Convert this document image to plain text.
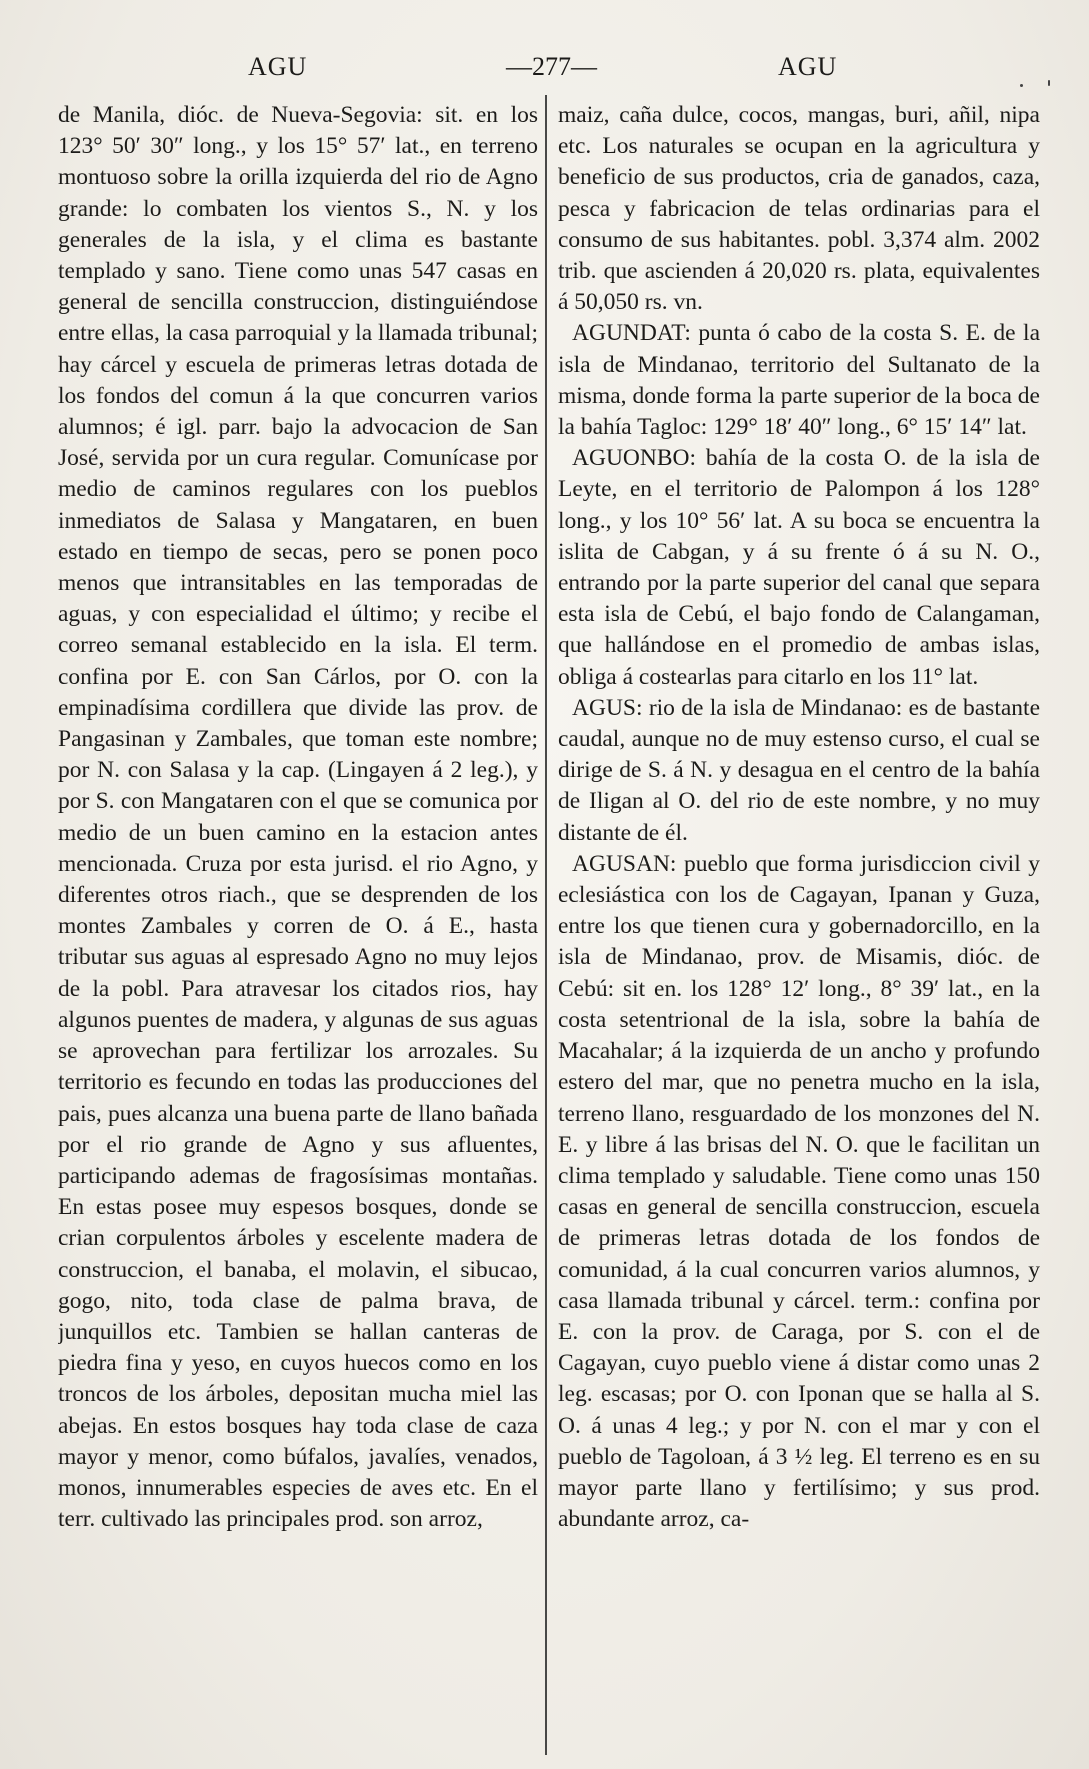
AGU	—277—	AGU

de Manila, dióc. de Nueva-Segovia: sit. en los 123° 50′ 30″ long., y los 15° 57′ lat., en terreno montuoso sobre la orilla izquierda del rio de Agno grande: lo combaten los vientos S., N. y los generales de la isla, y el clima es bastante templado y sano. Tiene como unas 547 casas en general de sencilla construccion, distinguiéndose entre ellas, la casa parroquial y la llamada tribunal; hay cárcel y escuela de primeras letras dotada de los fondos del comun á la que concurren varios alumnos; é igl. parr. bajo la advocacion de San José, servida por un cura regular. Comunícase por medio de caminos regulares con los pueblos inmediatos de Salasa y Mangataren, en buen estado en tiempo de secas, pero se ponen poco menos que intransitables en las temporadas de aguas, y con especialidad el último; y recibe el correo semanal establecido en la isla. El term. confina por E. con San Cárlos, por O. con la empinadísima cordillera que divide las prov. de Pangasinan y Zambales, que toman este nombre; por N. con Salasa y la cap. (Lingayen á 2 leg.), y por S. con Mangataren con el que se comunica por medio de un buen camino en la estacion antes mencionada. Cruza por esta jurisd. el rio Agno, y diferentes otros riach., que se desprenden de los montes Zambales y corren de O. á E., hasta tributar sus aguas al espresado Agno no muy lejos de la pobl. Para atravesar los citados rios, hay algunos puentes de madera, y algunas de sus aguas se aprovechan para fertilizar los arrozales. Su territorio es fecundo en todas las producciones del pais, pues alcanza una buena parte de llano bañada por el rio grande de Agno y sus afluentes, participando ademas de fragosísimas montañas. En estas posee muy espesos bosques, donde se crian corpulentos árboles y escelente madera de construccion, el banaba, el molavin, el sibucao, gogo, nito, toda clase de palma brava, de junquillos etc. Tambien se hallan canteras de piedra fina y yeso, en cuyos huecos como en los troncos de los árboles, depositan mucha miel las abejas. En estos bosques hay toda clase de caza mayor y menor, como búfalos, javalíes, venados, monos, innumerables especies de aves etc. En el terr. cultivado las principales prod. son arroz,

maiz, caña dulce, cocos, mangas, buri, añil, nipa etc. Los naturales se ocupan en la agricultura y beneficio de sus productos, cria de ganados, caza, pesca y fabricacion de telas ordinarias para el consumo de sus habitantes. pobl. 3,374 alm. 2002 trib. que ascienden á 20,020 rs. plata, equivalentes á 50,050 rs. vn.

AGUNDAT: punta ó cabo de la costa S. E. de la isla de Mindanao, territorio del Sultanato de la misma, donde forma la parte superior de la boca de la bahía Tagloc: 129° 18′ 40″ long., 6° 15′ 14″ lat.

AGUONBO: bahía de la costa O. de la isla de Leyte, en el territorio de Palompon á los 128° long., y los 10° 56′ lat. A su boca se encuentra la islita de Cabgan, y á su frente ó á su N. O., entrando por la parte superior del canal que separa esta isla de Cebú, el bajo fondo de Calangaman, que hallándose en el promedio de ambas islas, obliga á costearlas para citarlo en los 11° lat.

AGUS: rio de la isla de Mindanao: es de bastante caudal, aunque no de muy estenso curso, el cual se dirige de S. á N. y desagua en el centro de la bahía de Iligan al O. del rio de este nombre, y no muy distante de él.

AGUSAN: pueblo que forma jurisdiccion civil y eclesiástica con los de Cagayan, Ipanan y Guza, entre los que tienen cura y gobernadorcillo, en la isla de Mindanao, prov. de Misamis, dióc. de Cebú: sit en. los 128° 12′ long., 8° 39′ lat., en la costa setentrional de la isla, sobre la bahía de Macahalar; á la izquierda de un ancho y profundo estero del mar, que no penetra mucho en la isla, terreno llano, resguardado de los monzones del N. E. y libre á las brisas del N. O. que le facilitan un clima templado y saludable. Tiene como unas 150 casas en general de sencilla construccion, escuela de primeras letras dotada de los fondos de comunidad, á la cual concurren varios alumnos, y casa llamada tribunal y cárcel. term.: confina por E. con la prov. de Caraga, por S. con el de Cagayan, cuyo pueblo viene á distar como unas 2 leg. escasas; por O. con Iponan que se halla al S. O. á unas 4 leg.; y por N. con el mar y con el pueblo de Tagoloan, á 3 ½ leg. El terreno es en su mayor parte llano y fertilísimo; y sus prod. abundante arroz, ca-
